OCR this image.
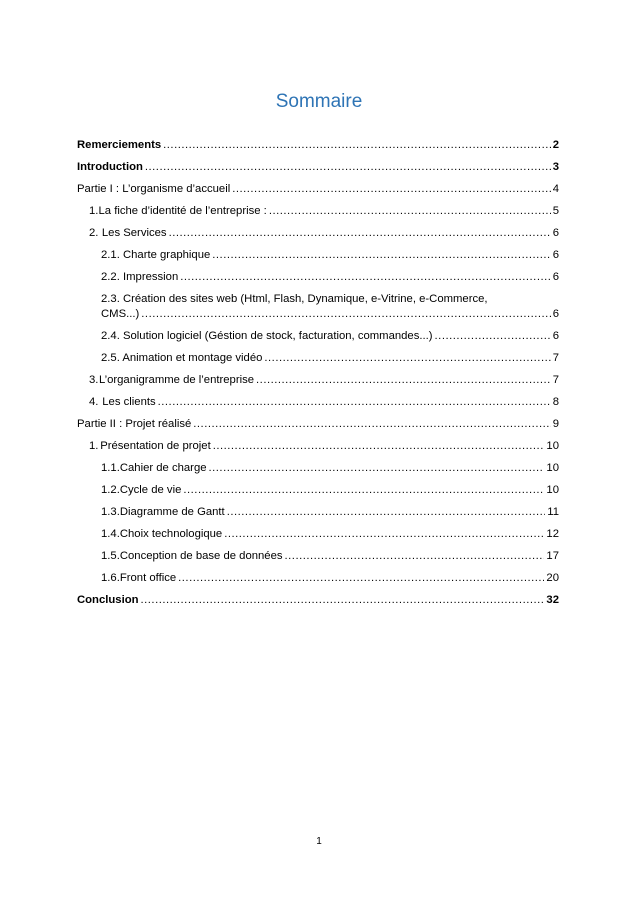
Sommaire
Remerciements .....	2
Introduction .....	3
Partie I : L’organisme d’accueil .....	4
1. La fiche d’identité de l’entreprise : .....	5
2. Les Services .....	6
2.1. Charte graphique .....	6
2.2. Impression .....	6
2.3. Création des sites web (Html, Flash, Dynamique, e-Vitrine, e-Commerce,
CMS...) .....	6
2.4. Solution logiciel (Géstion de stock, facturation, commandes...) .....	6
2.5. Animation et montage vidéo .....	7
3. L’organigramme de l’entreprise .....	7
4. Les clients .....	8
Partie II : Projet réalisé .....	9
1. Présentation de projet .....	10
1.1. Cahier de charge .....	10
1.2. Cycle de vie .....	10
1.3. Diagramme de Gantt .....	11
1.4. Choix technologique .....	12
1.5. Conception de base de données .....	17
1.6. Front office .....	20
Conclusion .....	32
1
